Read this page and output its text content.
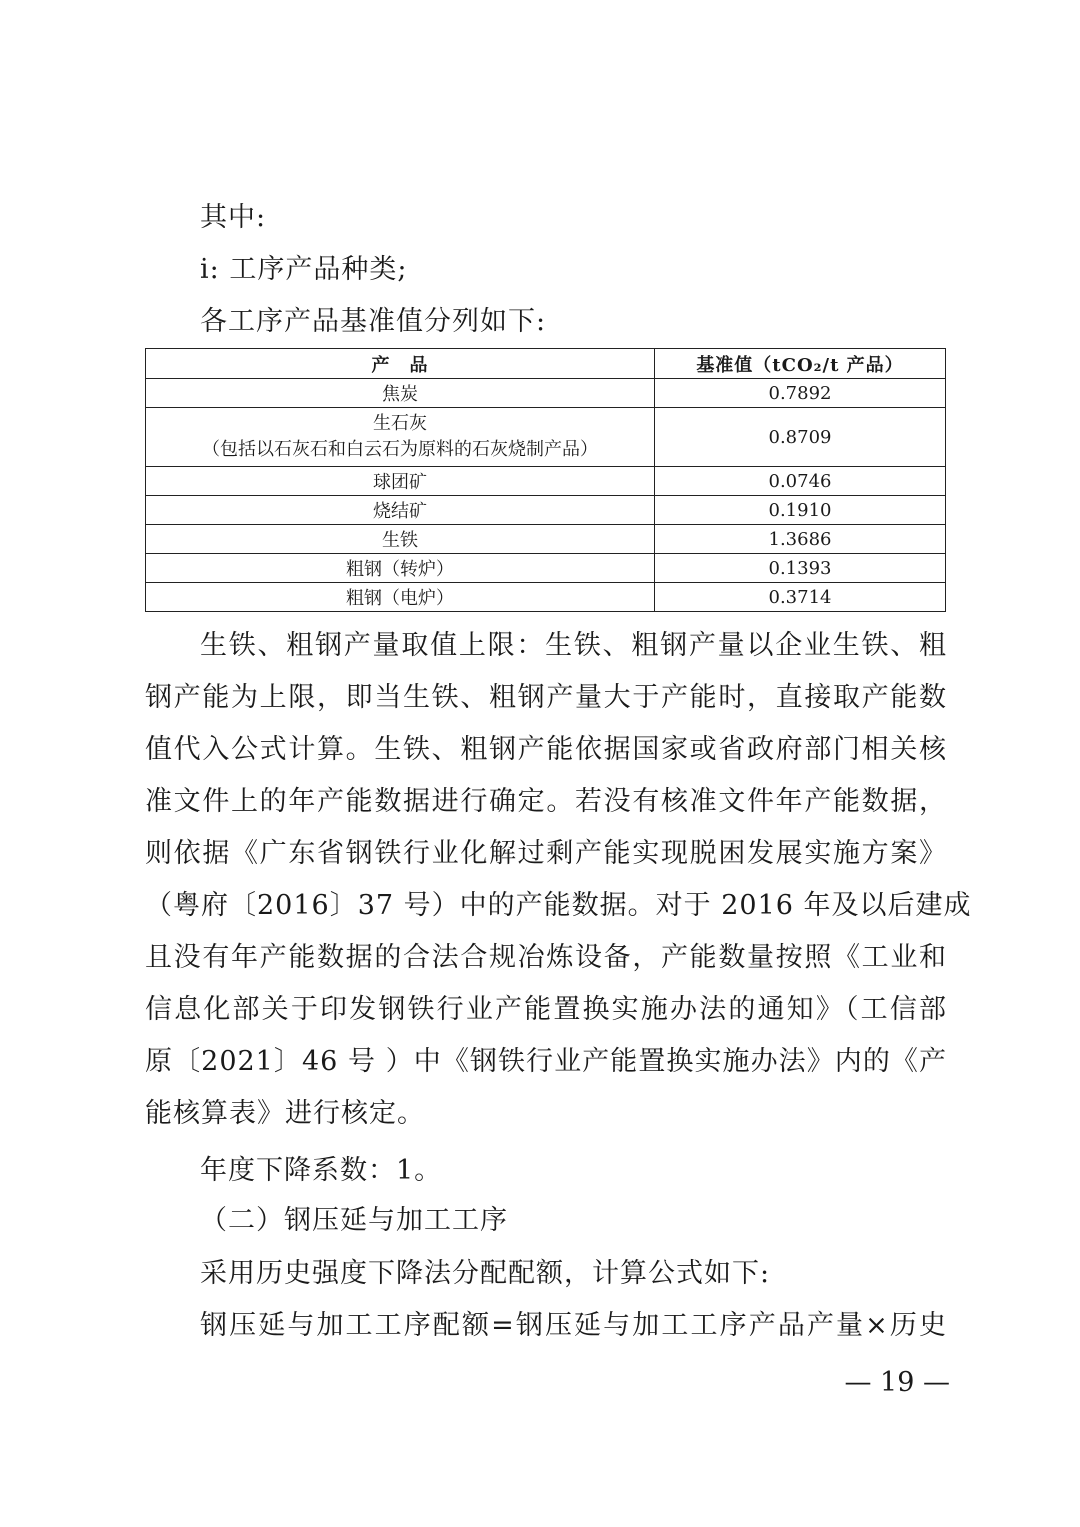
其中:
i: 工序产品种类;
各工序产品基准值分列如下:
产　品	基准值（tCO₂/t 产品）
焦炭	0.7892

生石灰
（包括以石灰石和白云石为原料的石灰烧制产品）	0.8709
球团矿	0.0746
烧结矿	0.1910
生铁	1.3686
粗钢（转炉）	0.1393
粗钢（电炉）	0.3714
生铁、粗钢产量取值上限：生铁、粗钢产量以企业生铁、粗
钢产能为上限，即当生铁、粗钢产量大于产能时，直接取产能数
值代入公式计算。生铁、粗钢产能依据国家或省政府部门相关核
准文件上的年产能数据进行确定。若没有核准文件年产能数据，
则依据《广东省钢铁行业化解过剩产能实现脱困发展实施方案》
（粤府〔2016〕37 号）中的产能数据。对于 2016 年及以后建成
且没有年产能数据的合法合规冶炼设备，产能数量按照《工业和
信息化部关于印发钢铁行业产能置换实施办法的通知》（工信部
原〔2021〕46 号 ）中《钢铁行业产能置换实施办法》内的《产
能核算表》进行核定。
年度下降系数：1。
（二）钢压延与加工工序
采用历史强度下降法分配配额，计算公式如下:
钢压延与加工工序配额=钢压延与加工工序产品产量×历史
— 19 —
